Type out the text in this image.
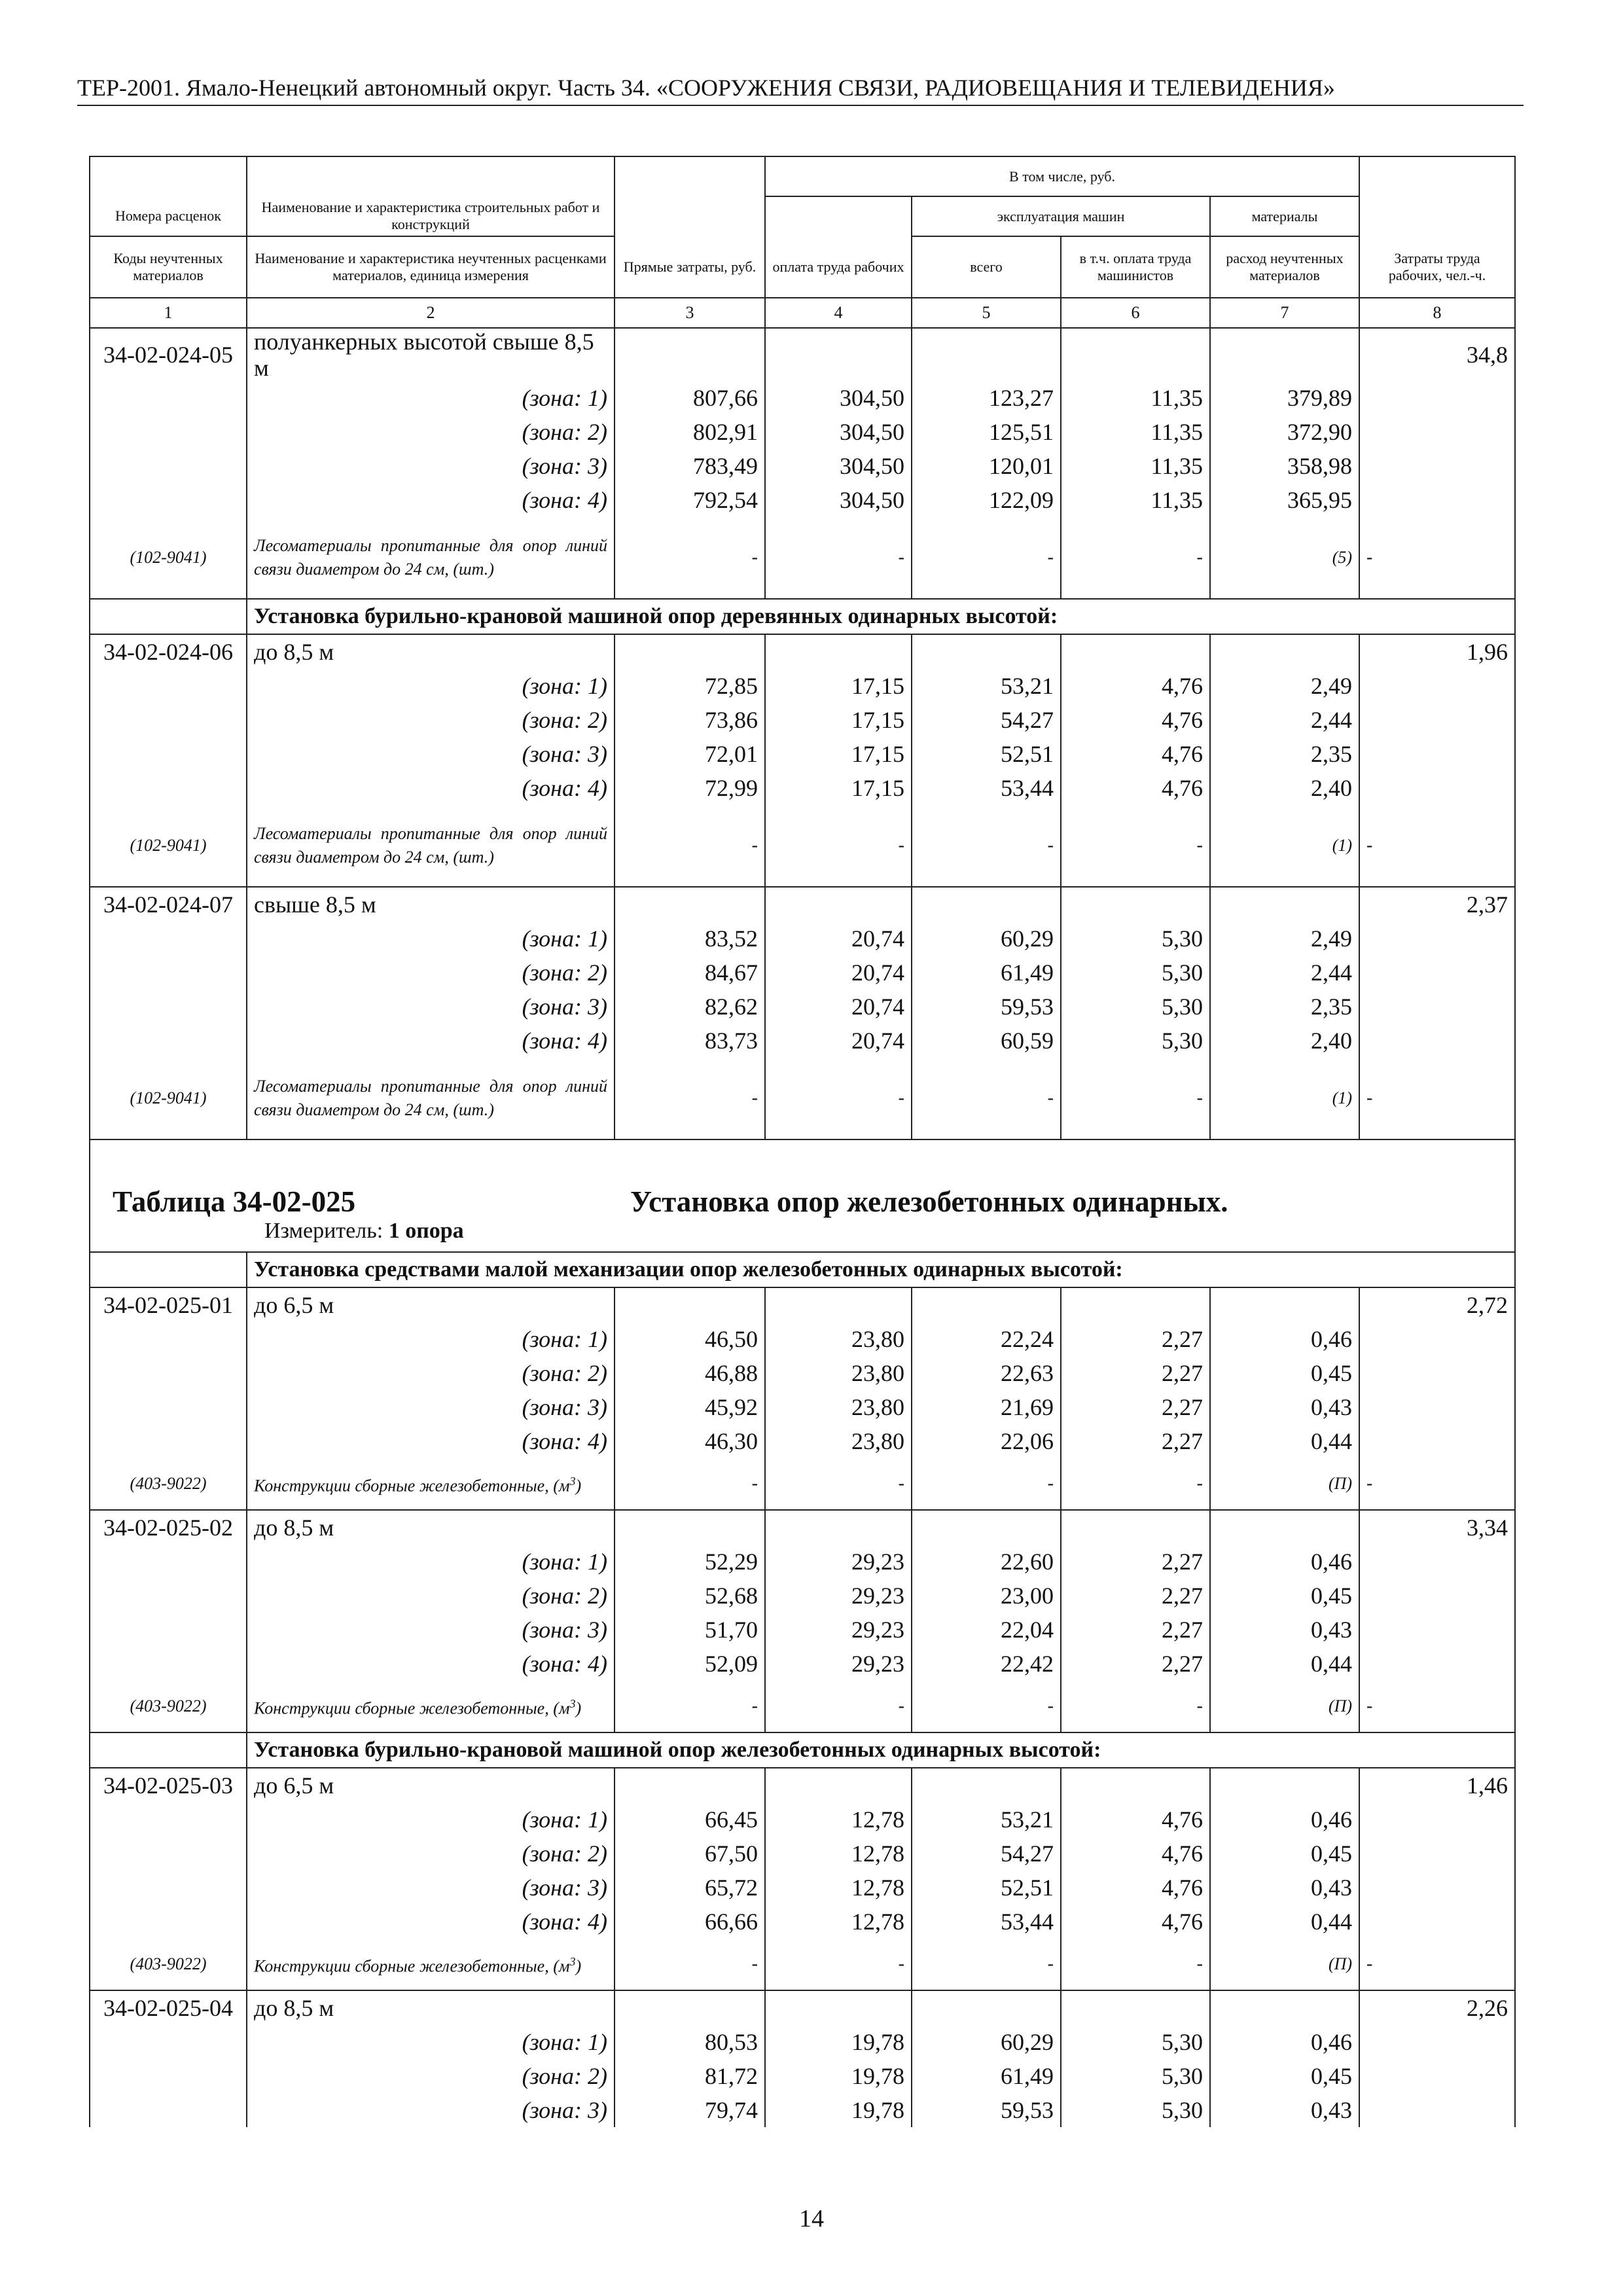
ТЕР-2001. Ямало-Ненецкий автономный округ. Часть 34. «СООРУЖЕНИЯ СВЯЗИ, РАДИОВЕЩАНИЯ И ТЕЛЕВИДЕНИЯ»
			В том числе, руб.				
Номера расценок	Наименование и характеристика строительных работ и конструкций			эксплуатация машин		материалы	
Коды неучтенных материалов	Наименование и характеристика неучтенных расценками материалов, единица измерения	Прямые затраты, руб.	оплата труда рабочих	всего	в т.ч. оплата труда машинистов	расход неучтенных материалов	Затраты труда рабочих, чел.-ч.
1	2	3	4	5	6	7	8
34-02-024-05	полуанкерных высотой свыше 8,5 м						34,8
	(зона: 1)	807,66	304,50	123,27	11,35	379,89	
	(зона: 2)	802,91	304,50	125,51	11,35	372,90	
	(зона: 3)	783,49	304,50	120,01	11,35	358,98	
	(зона: 4)	792,54	304,50	122,09	11,35	365,95	
(102-9041)	Лесоматериалы пропитанные для опор линий связи диаметром до 24 см, (шт.)	-	-	-	-	(5)	-
	Установка бурильно-крановой машиной опор деревянных одинарных высотой:						
34-02-024-06	до 8,5 м						1,96
	(зона: 1)	72,85	17,15	53,21	4,76	2,49	
	(зона: 2)	73,86	17,15	54,27	4,76	2,44	
	(зона: 3)	72,01	17,15	52,51	4,76	2,35	
	(зона: 4)	72,99	17,15	53,44	4,76	2,40	
(102-9041)	Лесоматериалы пропитанные для опор линий связи диаметром до 24 см, (шт.)	-	-	-	-	(1)	-
34-02-024-07	свыше 8,5 м						2,37
	(зона: 1)	83,52	20,74	60,29	5,30	2,49	
	(зона: 2)	84,67	20,74	61,49	5,30	2,44	
	(зона: 3)	82,62	20,74	59,53	5,30	2,35	
	(зона: 4)	83,73	20,74	60,59	5,30	2,40	
(102-9041)	Лесоматериалы пропитанные для опор линий связи диаметром до 24 см, (шт.)	-	-	-	-	(1)	-

Таблица 34-02-025 Установка опор железобетонных одинарных.
Измеритель: 1 опора							

	Установка средствами малой механизации опор железобетонных одинарных высотой:						
34-02-025-01	до 6,5 м						2,72
	(зона: 1)	46,50	23,80	22,24	2,27	0,46	
	(зона: 2)	46,88	23,80	22,63	2,27	0,45	
	(зона: 3)	45,92	23,80	21,69	2,27	0,43	
	(зона: 4)	46,30	23,80	22,06	2,27	0,44	
(403-9022)	Конструкции сборные железобетонные, $(м^3)$	-	-	-	-	(П)	-
34-02-025-02	до 8,5 м						3,34
	(зона: 1)	52,29	29,23	22,60	2,27	0,46	
	(зона: 2)	52,68	29,23	23,00	2,27	0,45	
	(зона: 3)	51,70	29,23	22,04	2,27	0,43	
	(зона: 4)	52,09	29,23	22,42	2,27	0,44	
(403-9022)	Конструкции сборные железобетонные, $(м^3)$	-	-	-	-	(П)	-
	Установка бурильно-крановой машиной опор железобетонных одинарных высотой:						
34-02-025-03	до 6,5 м						1,46
	(зона: 1)	66,45	12,78	53,21	4,76	0,46	
	(зона: 2)	67,50	12,78	54,27	4,76	0,45	
	(зона: 3)	65,72	12,78	52,51	4,76	0,43	
	(зона: 4)	66,66	12,78	53,44	4,76	0,44	
(403-9022)	Конструкции сборные железобетонные, $(м^3)$	-	-	-	-	(П)	-
34-02-025-04	до 8,5 м						2,26
	(зона: 1)	80,53	19,78	60,29	5,30	0,46	
	(зона: 2)	81,72	19,78	61,49	5,30	0,45	
	(зона: 3)	79,74	19,78	59,53	5,30	0,43	
14
